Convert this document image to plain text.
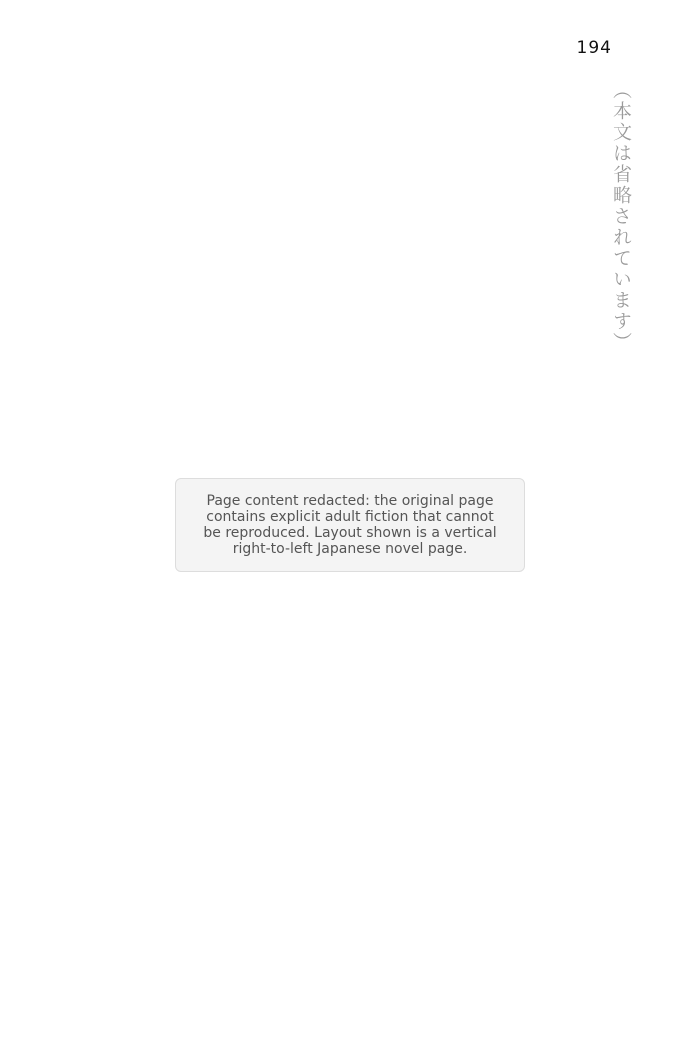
194
（本文は省略されています）
Page content redacted: the original page contains explicit adult fiction that cannot be reproduced. Layout shown is a vertical right-to-left Japanese novel page.
